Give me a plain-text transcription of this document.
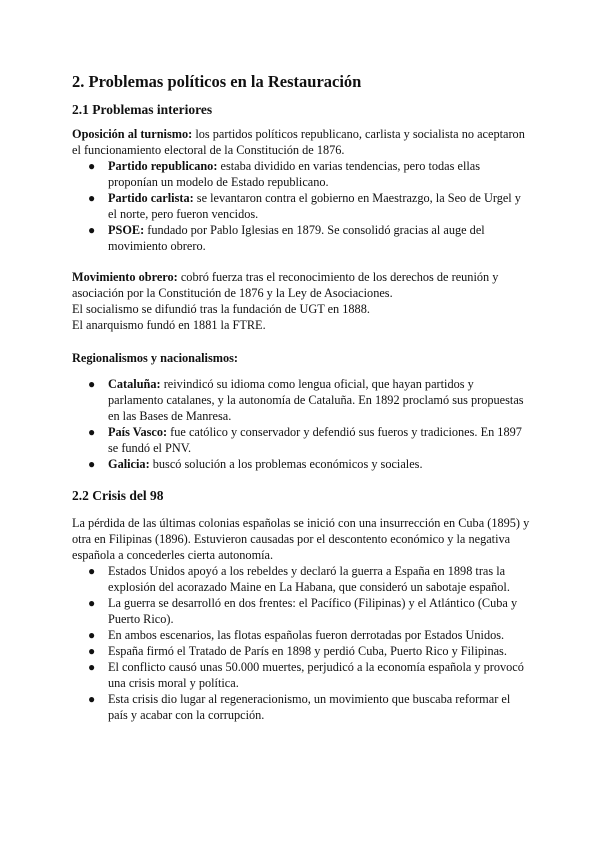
2. Problemas políticos en la Restauración
2.1 Problemas interiores

Oposición al turnismo: los partidos políticos republicano, carlista y socialista no aceptaron el funcionamiento electoral de la Constitución de 1876.

● Partido republicano: estaba dividido en varias tendencias, pero todas ellas proponían un modelo de Estado republicano.
● Partido carlista: se levantaron contra el gobierno en Maestrazgo, la Seo de Urgel y el norte, pero fueron vencidos.
● PSOE: fundado por Pablo Iglesias en 1879. Se consolidó gracias al auge del movimiento obrero.

Movimiento obrero: cobró fuerza tras el reconocimiento de los derechos de reunión y asociación por la Constitución de 1876 y la Ley de Asociaciones.

El socialismo se difundió tras la fundación de UGT en 1888.

El anarquismo fundó en 1881 la FTRE.

Regionalismos y nacionalismos:

● Cataluña: reivindicó su idioma como lengua oficial, que hayan partidos y parlamento catalanes, y la autonomía de Cataluña. En 1892 proclamó sus propuestas en las Bases de Manresa.
● País Vasco: fue católico y conservador y defendió sus fueros y tradiciones. En 1897 se fundó el PNV.
● Galicia: buscó solución a los problemas económicos y sociales.
2.2 Crisis del 98

La pérdida de las últimas colonias españolas se inició con una insurrección en Cuba (1895) y otra en Filipinas (1896). Estuvieron causadas por el descontento económico y la negativa española a concederles cierta autonomía.

● Estados Unidos apoyó a los rebeldes y declaró la guerra a España en 1898 tras la explosión del acorazado Maine en La Habana, que consideró un sabotaje español.
● La guerra se desarrolló en dos frentes: el Pacífico (Filipinas) y el Atlántico (Cuba y Puerto Rico).
● En ambos escenarios, las flotas españolas fueron derrotadas por Estados Unidos.
● España firmó el Tratado de París en 1898 y perdió Cuba, Puerto Rico y Filipinas.
● El conflicto causó unas 50.000 muertes, perjudicó a la economía española y provocó una crisis moral y política.
● Esta crisis dio lugar al regeneracionismo, un movimiento que buscaba reformar el país y acabar con la corrupción.
